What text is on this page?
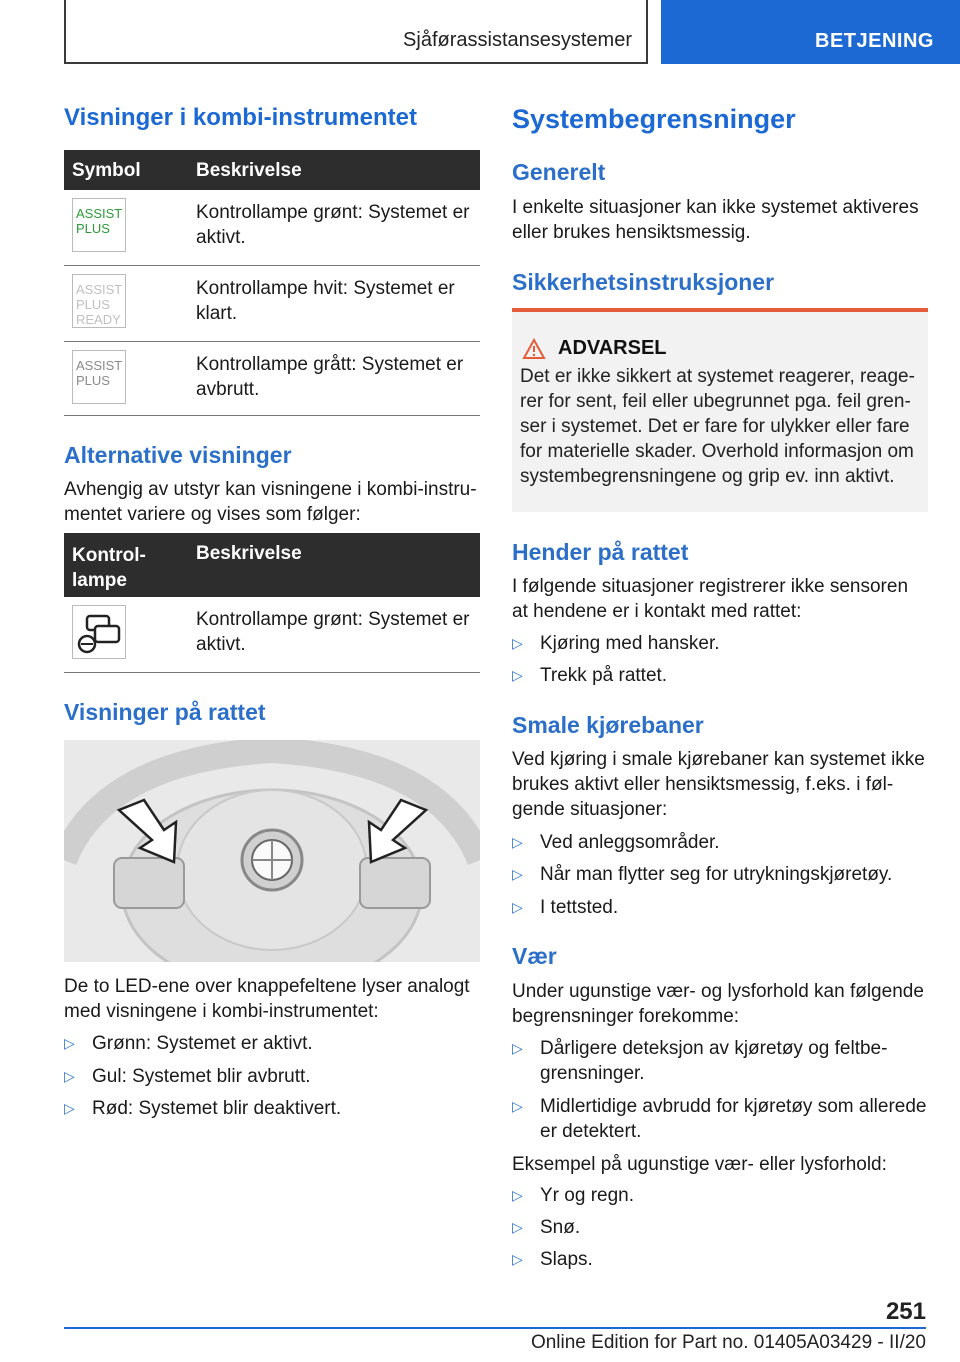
Sjåførassistansesystemer	BETJENING
Visninger i kombi-instrumentet
Symbol	Beskrivelse
ASSIST
PLUS
Kontrollampe grønt: Systemet er aktivt.
ASSIST
PLUS
READY
Kontrollampe hvit: Systemet er klart.
ASSIST
PLUS
Kontrollampe grått: Systemet er avbrutt.
Alternative visninger
Avhengig av utstyr kan visningene i kombi-instrumentet variere og vises som følger:
Kontrollampe
Beskrivelse
Kontrollampe grønt: Systemet er aktivt.
Visninger på rattet
De to LED-ene over knappefeltene lyser analogt med visningene i kombi-instrumentet:
▷ Grønn: Systemet er aktivt.
▷ Gul: Systemet blir avbrutt.
▷ Rød: Systemet blir deaktivert.
Systembegrensninger
Generelt
I enkelte situasjoner kan ikke systemet aktiveres eller brukes hensiktsmessig.
Sikkerhetsinstruksjoner
ADVARSEL
Det er ikke sikkert at systemet reagerer, reagerer for sent, feil eller ubegrunnet pga. feil grenser i systemet. Det er fare for ulykker eller fare for materielle skader. Overhold informasjon om systembegrensningene og grip ev. inn aktivt.
Hender på rattet
I følgende situasjoner registrerer ikke sensoren at hendene er i kontakt med rattet:
▷ Kjøring med hansker.
▷ Trekk på rattet.
Smale kjørebaner
Ved kjøring i smale kjørebaner kan systemet ikke brukes aktivt eller hensiktsmessig, f.eks. i følgende situasjoner:
▷ Ved anleggsområder.
▷ Når man flytter seg for utrykningskjøretøy.
▷ I tettsted.
Vær
Under ugunstige vær- og lysforhold kan følgende begrensninger forekomme:
▷ Dårligere deteksjon av kjøretøy og feltbegrensninger.
▷ Midlertidige avbrudd for kjøretøy som allerede er detektert.
Eksempel på ugunstige vær- eller lysforhold:
▷ Yr og regn.
▷ Snø.
▷ Slaps.
251
Online Edition for Part no. 01405A03429 - II/20
